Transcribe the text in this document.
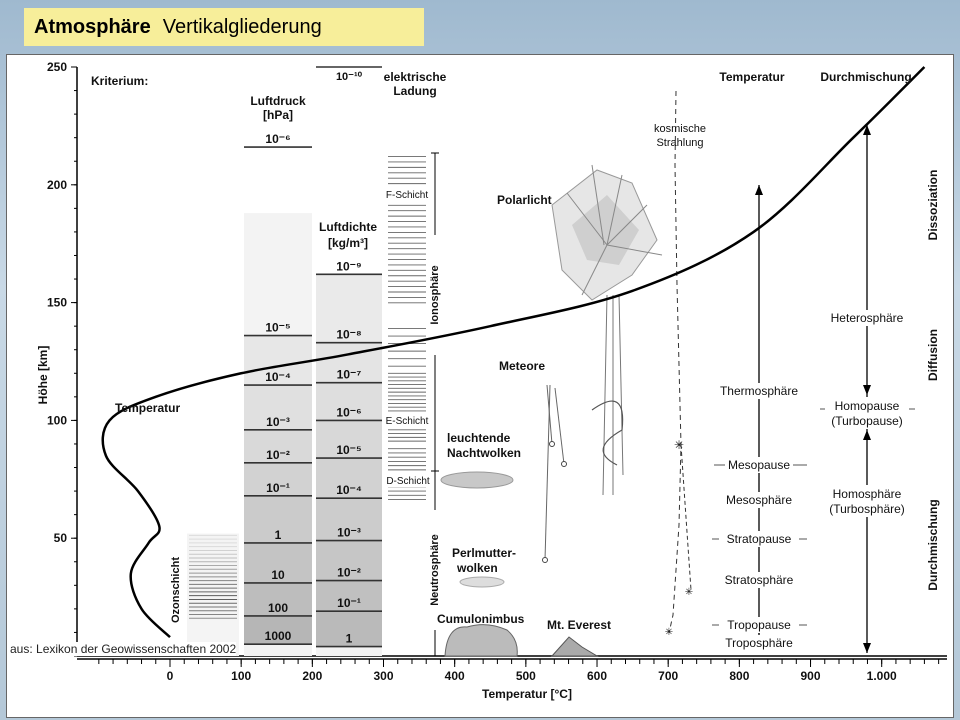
Atmosphäre Vertikalgliederung
250
200
150
100
50
0	100	200	300	400	500	600	700	800	900	1.000
Höhe [km]
Temperatur [°C]
Kriterium:
Ozonschicht
10⁻⁶
10⁻⁵
10⁻⁴
10⁻³
10⁻²
10⁻¹
1
10
100
1000
Luftdruck
[hPa]
10⁻¹⁰
10⁻⁹
10⁻⁸
10⁻⁷
10⁻⁶
10⁻⁵
10⁻⁴
10⁻³
10⁻²
10⁻¹
1
Luftdichte
[kg/m³]
elektrische
Ladung
F-Schicht
E-Schicht
D-Schicht
Ionosphäre
Neutrosphäre
Polarlicht
Meteore
leuchtende
Nachtwolken
Perlmutter-
wolken
Cumulonimbus Mt. Everest
✳
✳
✳
kosmische
Strahlung
Temperatur
Temperatur
Thermosphäre
Mesopause
Mesosphäre
Stratopause
Stratosphäre
Tropopause
Troposphäre
Durchmischung
Heterosphäre
Homopause
(Turbopause)
Homosphäre
(Turbosphäre)
Dissoziation
Diffusion
Durchmischung
aus: Lexikon der Geowissenschaften 2002
